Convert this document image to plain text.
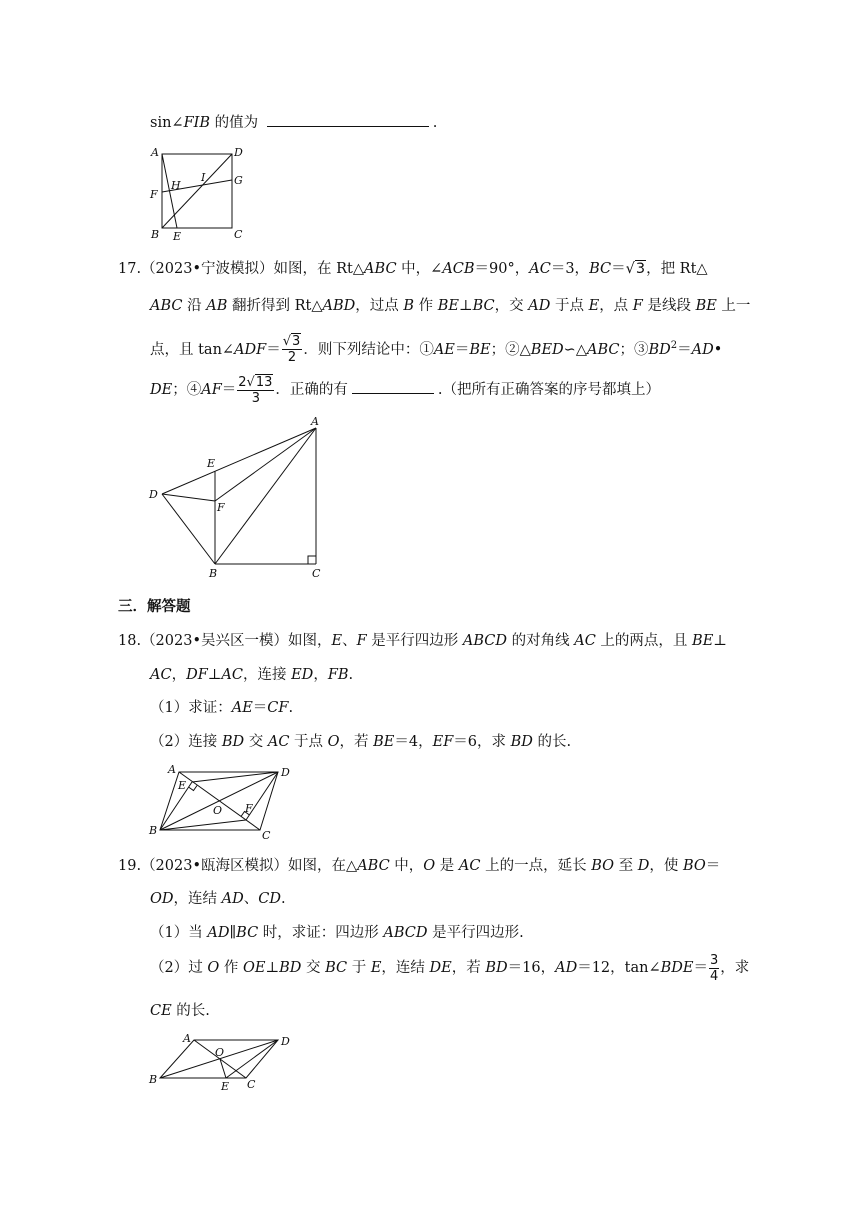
sin∠FIB 的值为	.
A	D
H
I
F
G
B E	C
17.（2023•宁波模拟）如图，在 Rt△ABC 中，∠ACB＝90°，AC＝3，BC＝√3，把 Rt△
ABC 沿 AB 翻折得到 Rt△ABD，过点 B 作 BE⊥BC，交 AD 于点 E，点 F 是线段 BE 上一
点，且 tan∠ADF＝ $\frac{√3}{2}$ ．则下列结论中：①AE＝BE；②△BED∽△ABC；$③BD^2=AD•$
DE；④AF＝ $\frac{2√13}{3}$ ．正确的有	.（把所有正确答案的序号都填上）
A
E
D
F
B	C
三．解答题
18.（2023•吴兴区一模）如图，E、F 是平行四边形 ABCD 的对角线 AC 上的两点，且 BE⊥
AC，DF⊥AC，连接 ED，FB.
（1）求证：AE＝CF.
（2）连接 BD 交 AC 于点 O，若 BE＝4，EF＝6，求 BD 的长.
A	D
E
O F
B	C
19.（2023•瓯海区模拟）如图，在△ABC 中，O 是 AC 上的一点，延长 BO 至 D，使 BO＝
OD，连结 AD、CD.
（1）当 AD∥BC 时，求证：四边形 ABCD 是平行四边形.
（2）过 O 作 OE⊥BD 交 BC 于 E，连结 DE，若 BD＝16，AD＝12，tan∠BDE＝ $\frac{3}{4}$ ，求
CE 的长.
A	D
O
B
E C
